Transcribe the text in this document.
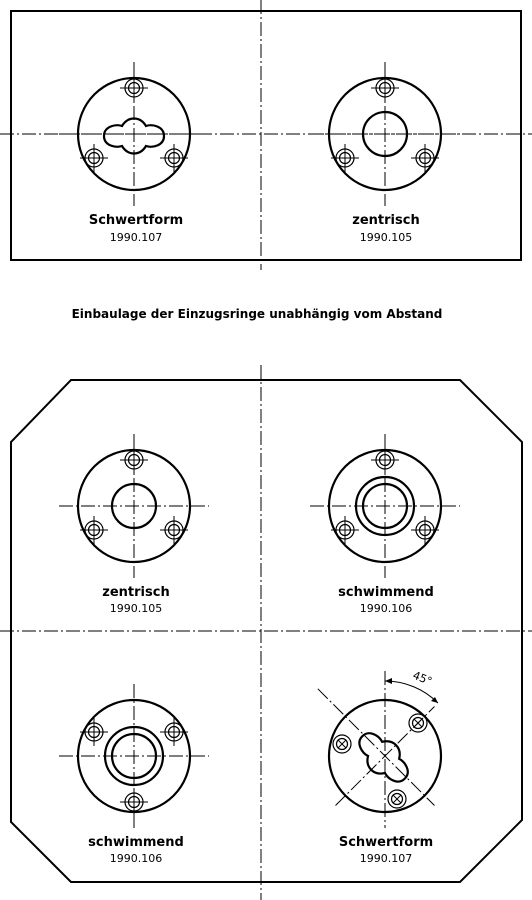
Schwertform
1990.107
zentrisch
1990.105
Einbaulage der Einzugsringe unabhängig vom Abstand
zentrisch
1990.105
schwimmend
1990.106
schwimmend
1990.106
45°
Schwertform
1990.107
